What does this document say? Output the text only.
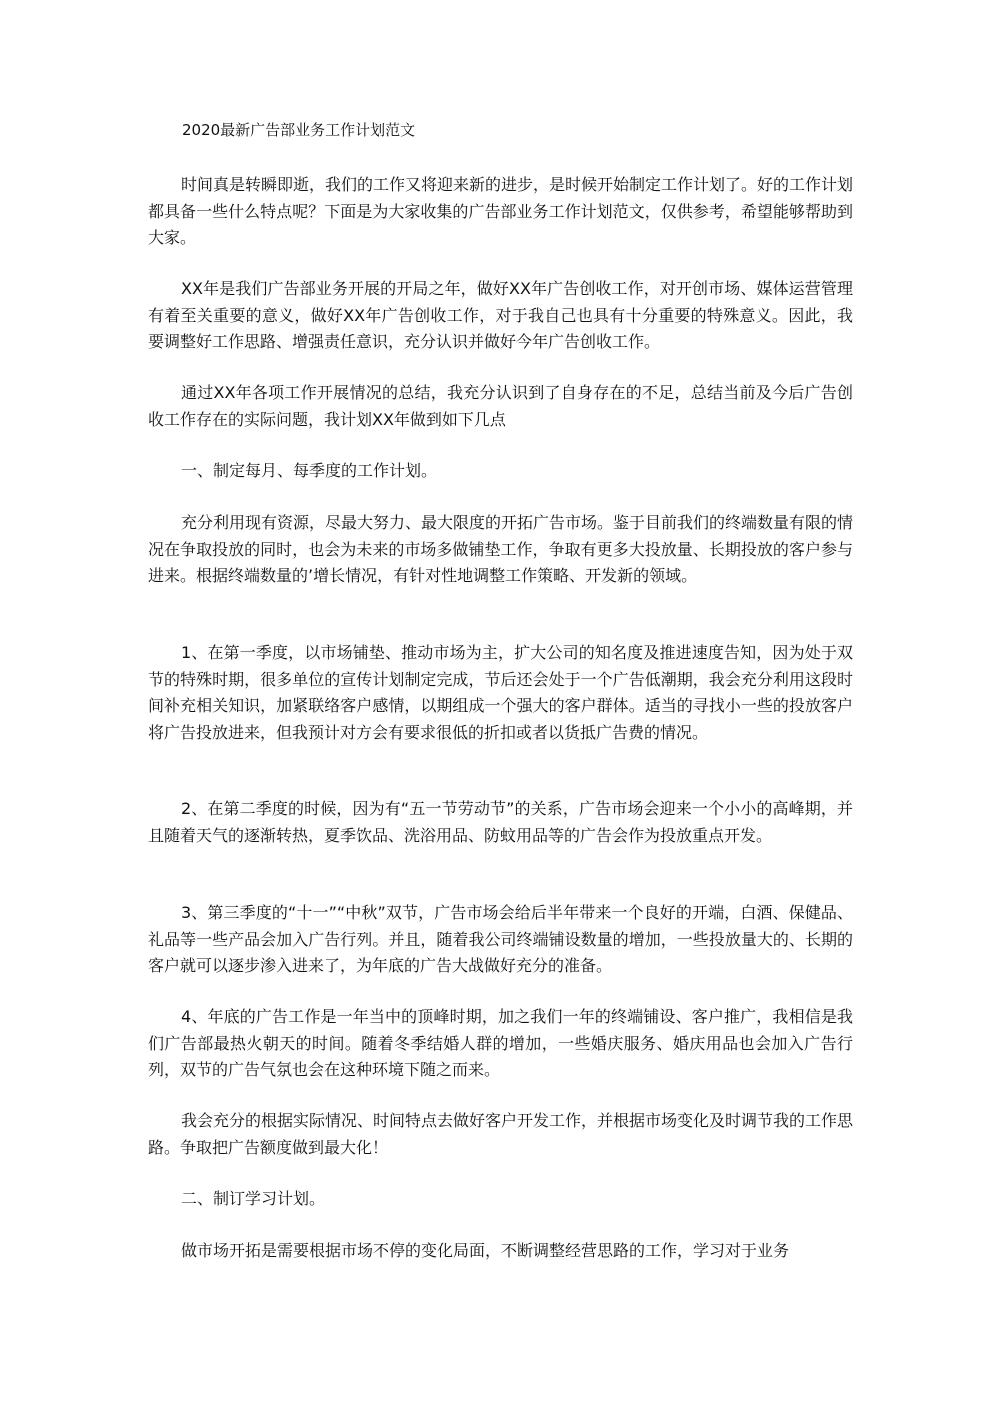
2020最新广告部业务工作计划范文

时间真是转瞬即逝，我们的工作又将迎来新的进步，是时候开始制定工作计划了。好的工作计划都具备一些什么特点呢？下面是为大家收集的广告部业务工作计划范文，仅供参考，希望能够帮助到大家。

XX年是我们广告部业务开展的开局之年，做好XX年广告创收工作，对开创市场、媒体运营管理有着至关重要的意义，做好XX年广告创收工作，对于我自己也具有十分重要的特殊意义。因此，我要调整好工作思路、增强责任意识，充分认识并做好今年广告创收工作。

通过XX年各项工作开展情况的总结，我充分认识到了自身存在的不足，总结当前及今后广告创收工作存在的实际问题，我计划XX年做到如下几点

一、制定每月、每季度的工作计划。

充分利用现有资源，尽最大努力、最大限度的开拓广告市场。鉴于目前我们的终端数量有限的情况在争取投放的同时，也会为未来的市场多做铺垫工作，争取有更多大投放量、长期投放的客户参与进来。根据终端数量的’增长情况，有针对性地调整工作策略、开发新的领域。

1、在第一季度，以市场铺垫、推动市场为主，扩大公司的知名度及推进速度告知，因为处于双节的特殊时期，很多单位的宣传计划制定完成，节后还会处于一个广告低潮期，我会充分利用这段时间补充相关知识，加紧联络客户感情，以期组成一个强大的客户群体。适当的寻找小一些的投放客户将广告投放进来，但我预计对方会有要求很低的折扣或者以货抵广告费的情况。

2、在第二季度的时候，因为有“五一节劳动节”的关系，广告市场会迎来一个小小的高峰期，并且随着天气的逐渐转热，夏季饮品、洗浴用品、防蚊用品等的广告会作为投放重点开发。

3、第三季度的“十一”“中秋”双节，广告市场会给后半年带来一个良好的开端，白酒、保健品、礼品等一些产品会加入广告行列。并且，随着我公司终端铺设数量的增加，一些投放量大的、长期的客户就可以逐步渗入进来了，为年底的广告大战做好充分的准备。

4、年底的广告工作是一年当中的顶峰时期，加之我们一年的终端铺设、客户推广，我相信是我们广告部最热火朝天的时间。随着冬季结婚人群的增加，一些婚庆服务、婚庆用品也会加入广告行列，双节的广告气氛也会在这种环境下随之而来。

我会充分的根据实际情况、时间特点去做好客户开发工作，并根据市场变化及时调节我的工作思路。争取把广告额度做到最大化！

二、制订学习计划。

做市场开拓是需要根据市场不停的变化局面，不断调整经营思路的工作，学习对于业务
